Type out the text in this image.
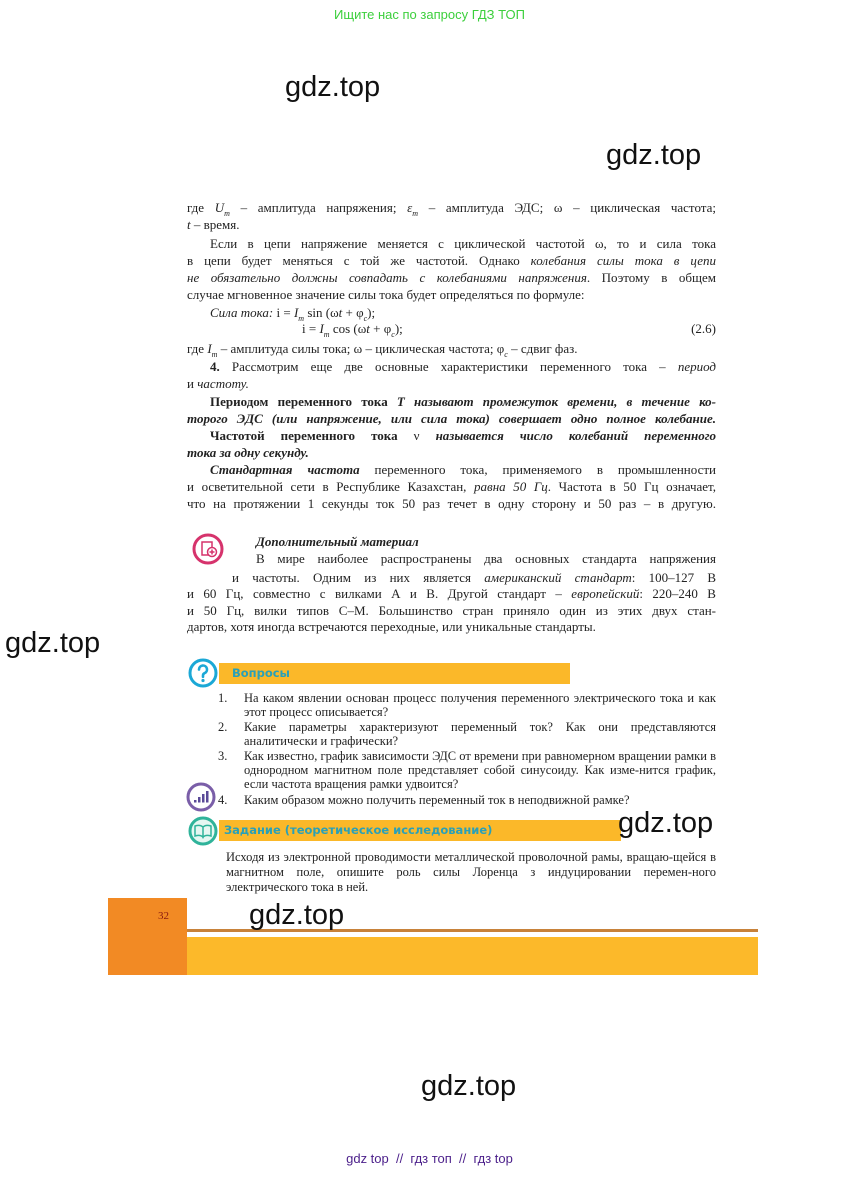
Ищите нас по запросу ГДЗ ТОП
gdz.top
gdz.top
gdz.top
где $U_m$ – амплитуда напряжения; $\varepsilon_m$ – амплитуда ЭДС; ω – циклическая частота;
t – время.
Если в цепи напряжение меняется с циклической частотой ω, то и сила тока
в цепи будет меняться с той же частотой. Однако колебания силы тока в цепи
не обязательно должны совпадать с колебаниями напряжения. Поэтому в общем
случае мгновенное значение силы тока будет определяться по формуле:
Сила тока: $i = I_m$ $\sin (\omega t + \varphi_c)$;
$i = I_m$ $\cos (\omega t + \varphi_c)$;	(2.6)
где $I_m$ – амплитуда силы тока; ω – циклическая частота; $\varphi_c$ – сдвиг фаз.
4. Рассмотрим еще две основные характеристики переменного тока – период
и частоту.
Периодом переменного тока T называют промежуток времени, в течение ко-
торого ЭДС (или напряжение, или сила тока) совершает одно полное колебание.
Частотой переменного тока ν называется число колебаний переменного
тока за одну секунду.
Стандартная частота переменного тока, применяемого в промышленности
и осветительной сети в Республике Казахстан, равна 50 Гц. Частота в 50 Гц означает,
что на протяжении 1 секунды ток 50 раз течет в одну сторону и 50 раз – в другую.
Дополнительный материал
В мире наиболее распространены два основных стандарта напряжения
и частоты. Одним из них является американский стандарт: 100–127 В
и 60 Гц, совместно с вилками А и В. Другой стандарт – европейский: 220–240 В
и 50 Гц, вилки типов С–М. Большинство стран приняло один из этих двух стан-
дартов, хотя иногда встречаются переходные, или уникальные стандарты.
Вопросы
1. На каком явлении основан процесс получения переменного электрического тока и как этот процесс описывается?
2. Какие параметры характеризуют переменный ток? Как они представляются аналитически и графически?
3. Как известно, график зависимости ЭДС от времени при равномерном вращении рамки в однородном магнитном поле представляет собой синусоиду. Как изме-нится график, если частота вращения рамки удвоится?
4. Каким образом можно получить переменный ток в неподвижной рамке?
Задание (теоретическое исследование)	gdz.top
Исходя из электронной проводимости металлической проволочной рамы, вращаю-щейся в магнитном поле, опишите роль силы Лоренца з индуцировании перемен-ного электрического тока в ней.
32	gdz.top
gdz.top
gdz top  //  гдз топ  //  гдз top
